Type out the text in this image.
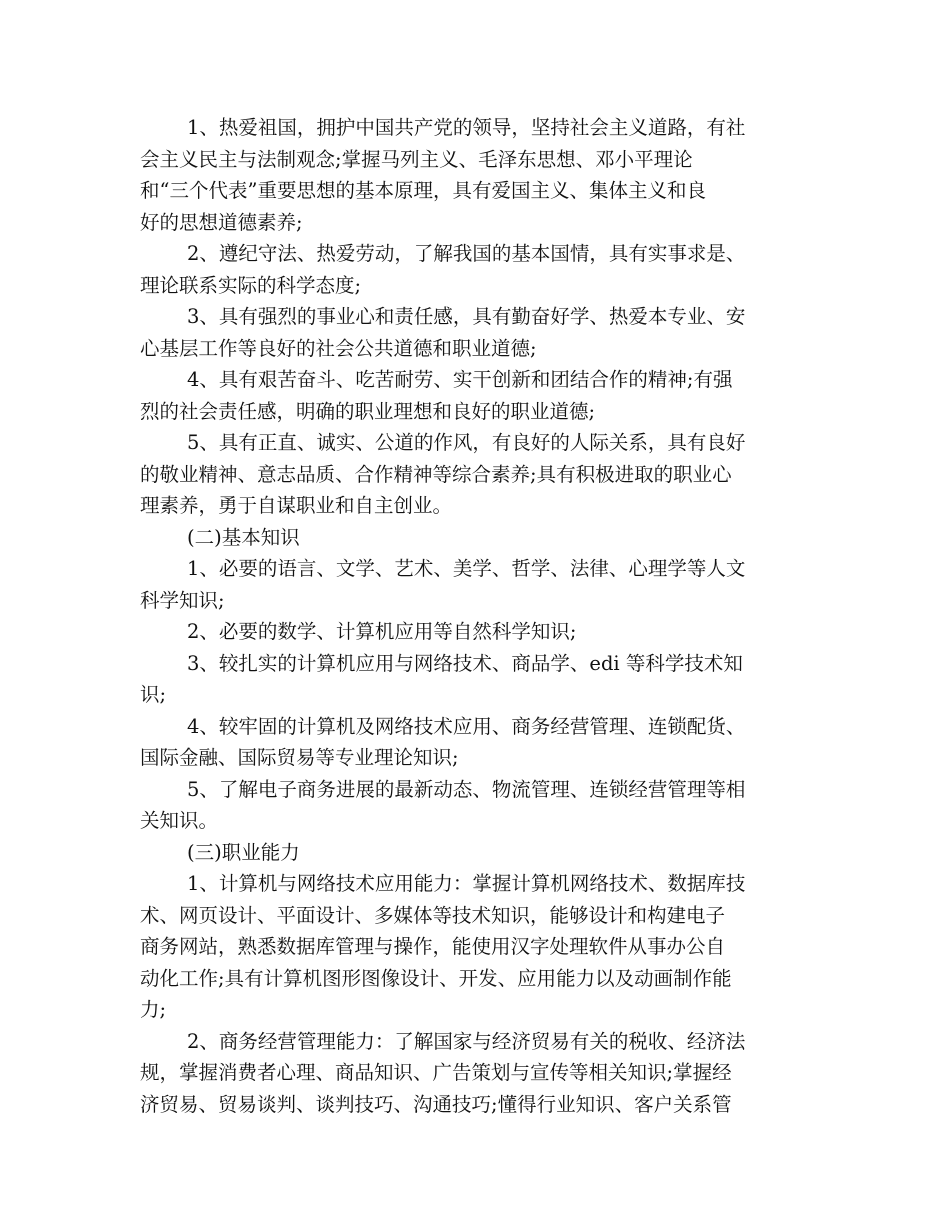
1、热爱祖国，拥护中国共产党的领导，坚持社会主义道路，有社
会主义民主与法制观念;掌握马列主义、毛泽东思想、邓小平理论
和“三个代表”重要思想的基本原理，具有爱国主义、集体主义和良
好的思想道德素养;
2、遵纪守法、热爱劳动，了解我国的基本国情，具有实事求是、
理论联系实际的科学态度;
3、具有强烈的事业心和责任感，具有勤奋好学、热爱本专业、安
心基层工作等良好的社会公共道德和职业道德;
4、具有艰苦奋斗、吃苦耐劳、实干创新和团结合作的精神;有强
烈的社会责任感，明确的职业理想和良好的职业道德;
5、具有正直、诚实、公道的作风，有良好的人际关系，具有良好
的敬业精神、意志品质、合作精神等综合素养;具有积极进取的职业心
理素养，勇于自谋职业和自主创业。
(二)基本知识
1、必要的语言、文学、艺术、美学、哲学、法律、心理学等人文
科学知识;
2、必要的数学、计算机应用等自然科学知识;
3、较扎实的计算机应用与网络技术、商品学、edi 等科学技术知
识;
4、较牢固的计算机及网络技术应用、商务经营管理、连锁配货、
国际金融、国际贸易等专业理论知识;
5、了解电子商务进展的最新动态、物流管理、连锁经营管理等相
关知识。
(三)职业能力
1、计算机与网络技术应用能力：掌握计算机网络技术、数据库技
术、网页设计、平面设计、多媒体等技术知识，能够设计和构建电子
商务网站，熟悉数据库管理与操作，能使用汉字处理软件从事办公自
动化工作;具有计算机图形图像设计、开发、应用能力以及动画制作能
力;
2、商务经营管理能力：了解国家与经济贸易有关的税收、经济法
规，掌握消费者心理、商品知识、广告策划与宣传等相关知识;掌握经
济贸易、贸易谈判、谈判技巧、沟通技巧;懂得行业知识、客户关系管
